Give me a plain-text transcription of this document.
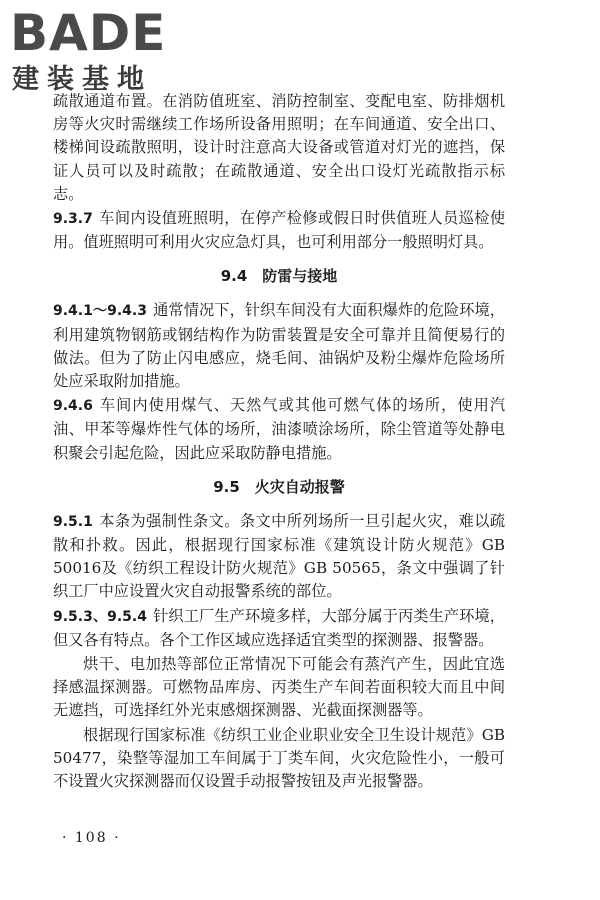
BADE
建装基地

疏散通道布置。在消防值班室、消防控制室、变配电室、防排烟机房等火灾时需继续工作场所设备用照明；在车间通道、安全出口、楼梯间设疏散照明，设计时注意高大设备或管道对灯光的遮挡，保证人员可以及时疏散；在疏散通道、安全出口设灯光疏散指示标志。

9.3.7 车间内设值班照明，在停产检修或假日时供值班人员巡检使用。值班照明可利用火灾应急灯具，也可利用部分一般照明灯具。

9.4　防雷与接地

9.4.1～9.4.3 通常情况下，针织车间没有大面积爆炸的危险环境，利用建筑物钢筋或钢结构作为防雷装置是安全可靠并且简便易行的做法。但为了防止闪电感应，烧毛间、油锅炉及粉尘爆炸危险场所处应采取附加措施。

9.4.6 车间内使用煤气、天然气或其他可燃气体的场所，使用汽油、甲苯等爆炸性气体的场所，油漆喷涂场所，除尘管道等处静电积聚会引起危险，因此应采取防静电措施。

9.5　火灾自动报警

9.5.1 本条为强制性条文。条文中所列场所一旦引起火灾，难以疏散和扑救。因此，根据现行国家标准《建筑设计防火规范》GB 50016及《纺织工程设计防火规范》GB 50565，条文中强调了针织工厂中应设置火灾自动报警系统的部位。

9.5.3、9.5.4 针织工厂生产环境多样，大部分属于丙类生产环境，但又各有特点。各个工作区域应选择适宜类型的探测器、报警器。

烘干、电加热等部位正常情况下可能会有蒸汽产生，因此宜选择感温探测器。可燃物品库房、丙类生产车间若面积较大而且中间无遮挡，可选择红外光束感烟探测器、光截面探测器等。

根据现行国家标准《纺织工业企业职业安全卫生设计规范》GB 50477，染整等湿加工车间属于丁类车间，火灾危险性小，一般可不设置火灾探测器而仅设置手动报警按钮及声光报警器。

· 108 ·
